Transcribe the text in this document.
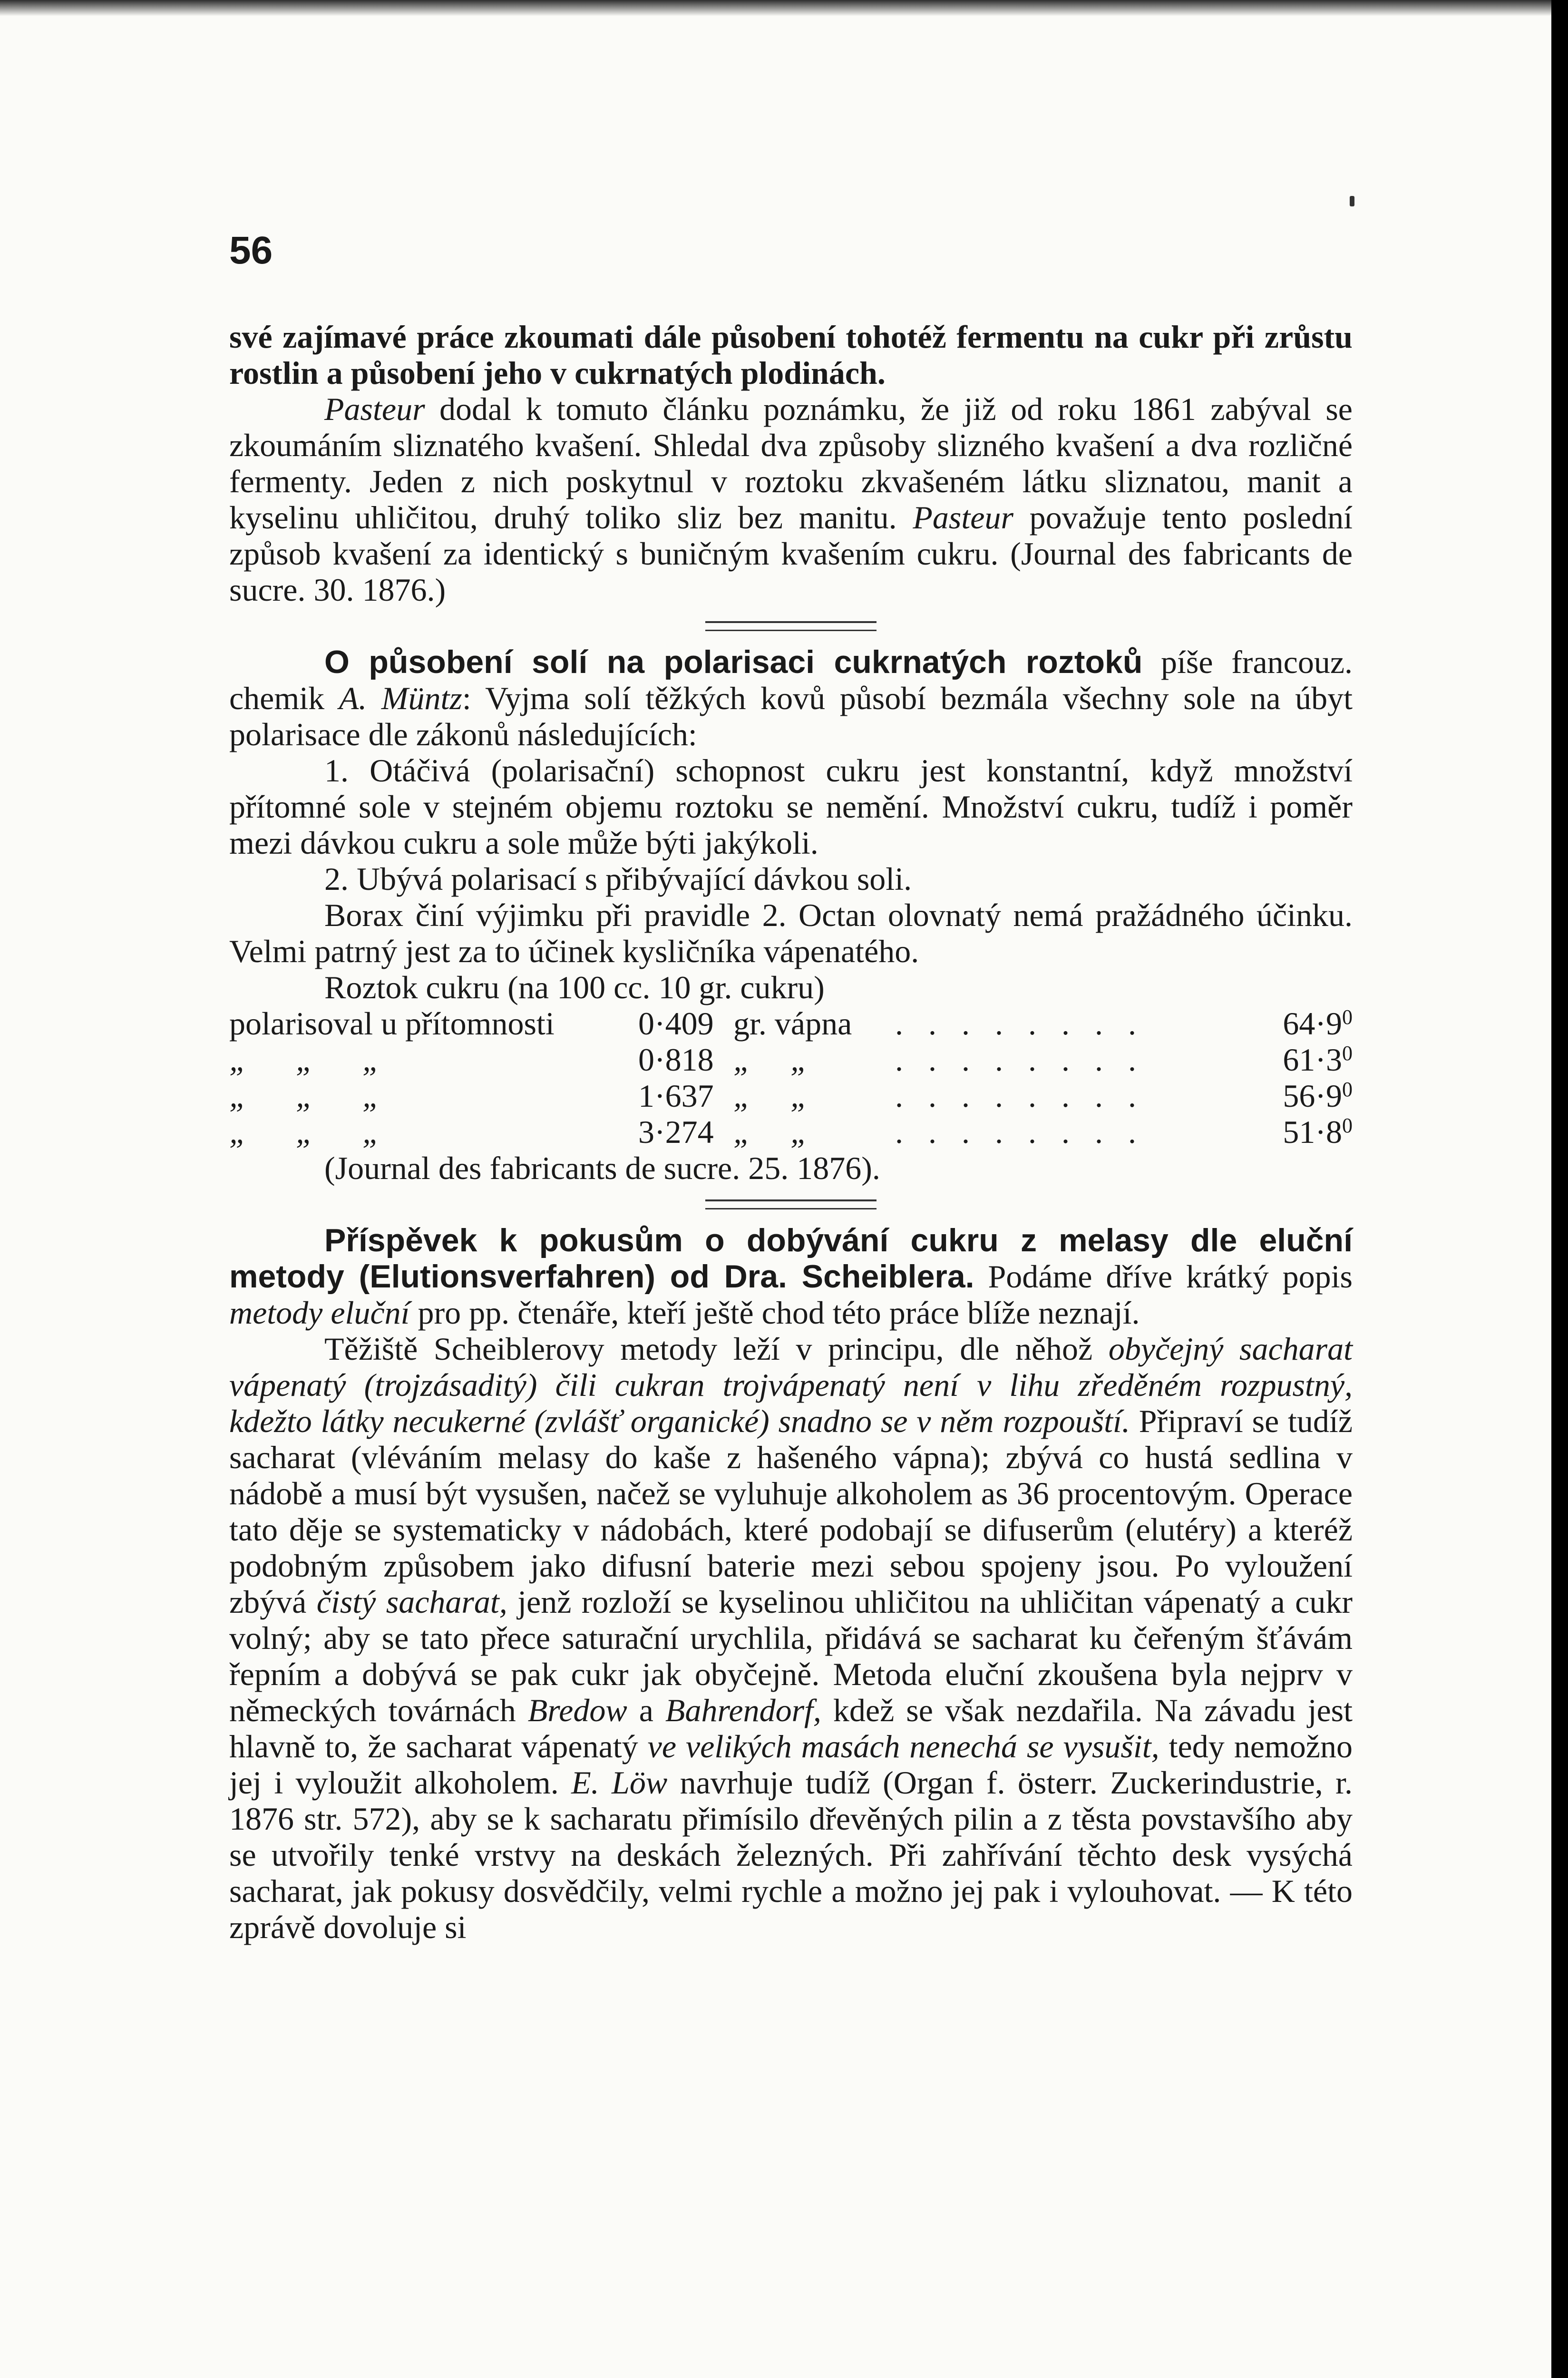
56

své zajímavé práce zkoumati dále působení tohotéž fermentu na cukr při zrůstu rostlin a působení jeho v cukrnatých plodinách.
Pasteur dodal k tomuto článku poznámku, že již od roku 1861 zabýval se zkoumáním sliznatého kvašení. Shledal dva způsoby slizného kvašení a dva rozličné fermenty. Jeden z nich poskytnul v roztoku zkvašeném látku sliznatou, manit a kyselinu uhličitou, druhý toliko sliz bez manitu. Pasteur považuje tento poslední způsob kvašení za identický s buničným kvašením cukru. (Journal des fabricants de sucre. 30. 1876.)

O působení solí na polarisaci cukrnatých roztoků píše francouz. chemik A. Müntz: Vyjma solí těžkých kovů působí bezmála všechny sole na úbyt polarisace dle zákonů následujících:

1. Otáčivá (polarisační) schopnost cukru jest konstantní, když množství přítomné sole v stejném objemu roztoku se nemění. Množství cukru, tudíž i poměr mezi dávkou cukru a sole může býti jakýkoli.

2. Ubývá polarisací s přibývající dávkou soli.

Borax činí výjimku při pravidle 2. Octan olovnatý nemá pražádného účinku. Velmi patrný jest za to účinek kysličníka vápenatého.

Roztok cukru (na 100 cc. 10 gr. cukru)

polarisoval u přítomnosti	0·409 gr. vápna	. . . . . . . .	$64\cdot 9^0$
„	„	„	0·818 „	„	. . . . . . . .	$61\cdot 3^0$
„	„	„	1·637 „	„	. . . . . . . .	$56\cdot 9^0$
„	„	„	3·274 „	„	. . . . . . . .	$51\cdot 8^0$

(Journal des fabricants de sucre. 25. 1876).

Příspěvek k pokusům o dobývání cukru z melasy dle eluční metody (Elutionsverfahren) od Dra. Scheiblera. Podáme dříve krátký popis metody eluční pro pp. čtenáře, kteří ještě chod této práce blíže neznají.

Těžiště Scheiblerovy metody leží v principu, dle něhož obyčejný sacharat vápenatý (trojzásaditý) čili cukran trojvápenatý není v lihu zředěném rozpustný, kdežto látky necukerné (zvlášť organické) snadno se v něm rozpouští. Připraví se tudíž sacharat (vléváním melasy do kaše z hašeného vápna); zbývá co hustá sedlina v nádobě a musí být vysušen, načež se vyluhuje alkoholem as 36 procentovým. Operace tato děje se systematicky v nádobách, které podobají se difuserům (elutéry) a kteréž podobným způsobem jako difusní baterie mezi sebou spojeny jsou. Po vyloužení zbývá čistý sacharat, jenž rozloží se kyselinou uhličitou na uhličitan vápenatý a cukr volný; aby se tato přece saturační urychlila, přidává se sacharat ku čeřeným šťávám řepním a dobývá se pak cukr jak obyčejně. Metoda eluční zkoušena byla nejprv v německých továrnách Bredow a Bahrendorf, kdež se však nezdařila. Na závadu jest hlavně to, že sacharat vápenatý ve velikých masách nenechá se vysušit, tedy nemožno jej i vyloužit alkoholem. E. Löw navrhuje tudíž (Organ f. österr. Zuckerindustrie, r. 1876 str. 572), aby se k sacharatu přimísilo dřevěných pilin a z těsta povstavšího aby se utvořily tenké vrstvy na deskách železných. Při zahřívání těchto desk vysýchá sacharat, jak pokusy dosvědčily, velmi rychle a možno jej pak i vylouhovat. — K této zprávě dovoluje si
